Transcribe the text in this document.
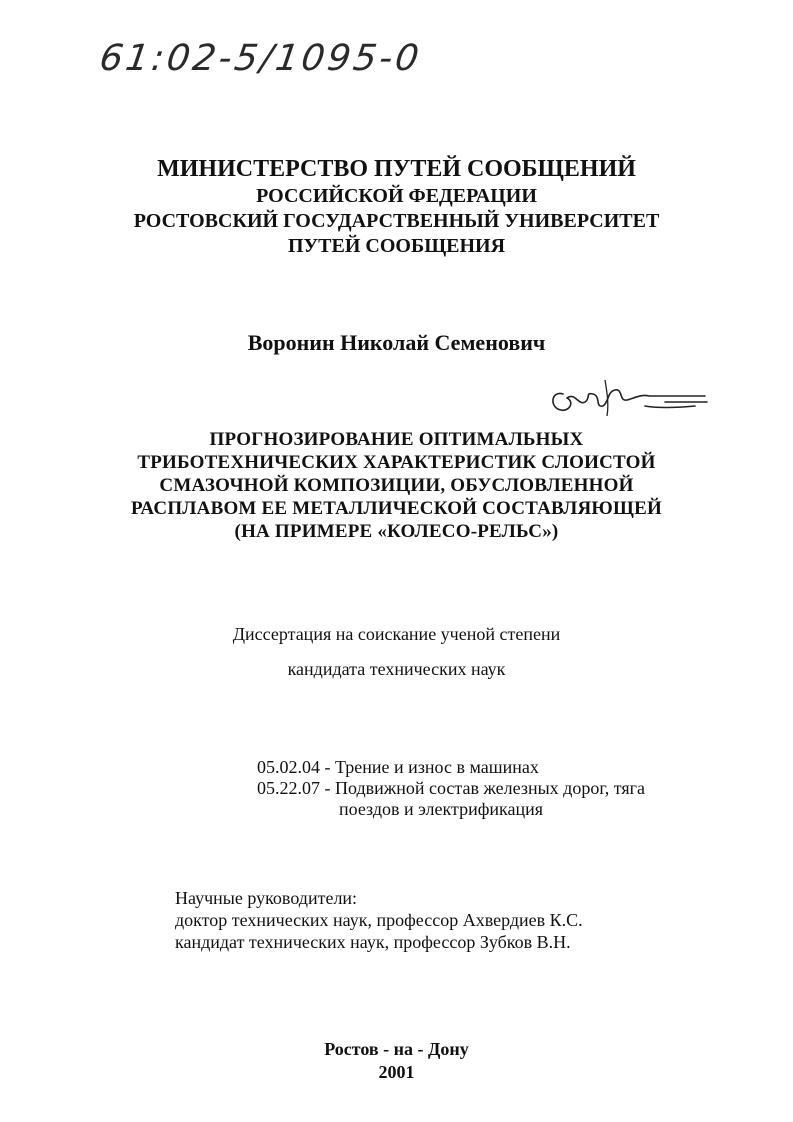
61:02-5/1095-0
МИНИСТЕРСТВО ПУТЕЙ СООБЩЕНИЙ
РОССИЙСКОЙ ФЕДЕРАЦИИ
РОСТОВСКИЙ ГОСУДАРСТВЕННЫЙ УНИВЕРСИТЕТ
ПУТЕЙ СООБЩЕНИЯ
Воронин Николай Семенович
ПРОГНОЗИРОВАНИЕ ОПТИМАЛЬНЫХ
ТРИБОТЕХНИЧЕСКИХ ХАРАКТЕРИСТИК СЛОИСТОЙ
СМАЗОЧНОЙ КОМПОЗИЦИИ, ОБУСЛОВЛЕННОЙ
РАСПЛАВОМ ЕЕ МЕТАЛЛИЧЕСКОЙ СОСТАВЛЯЮЩЕЙ
(НА ПРИМЕРЕ «КОЛЕСО-РЕЛЬС»)
Диссертация на соискание ученой степени
кандидата технических наук
05.02.04 - Трение и износ в машинах
05.22.07 - Подвижной состав железных дорог, тяга
поездов и электрификация
Научные руководители:
доктор технических наук, профессор Ахвердиев К.С.
кандидат технических наук, профессор Зубков В.Н.
Ростов - на - Дону
2001
